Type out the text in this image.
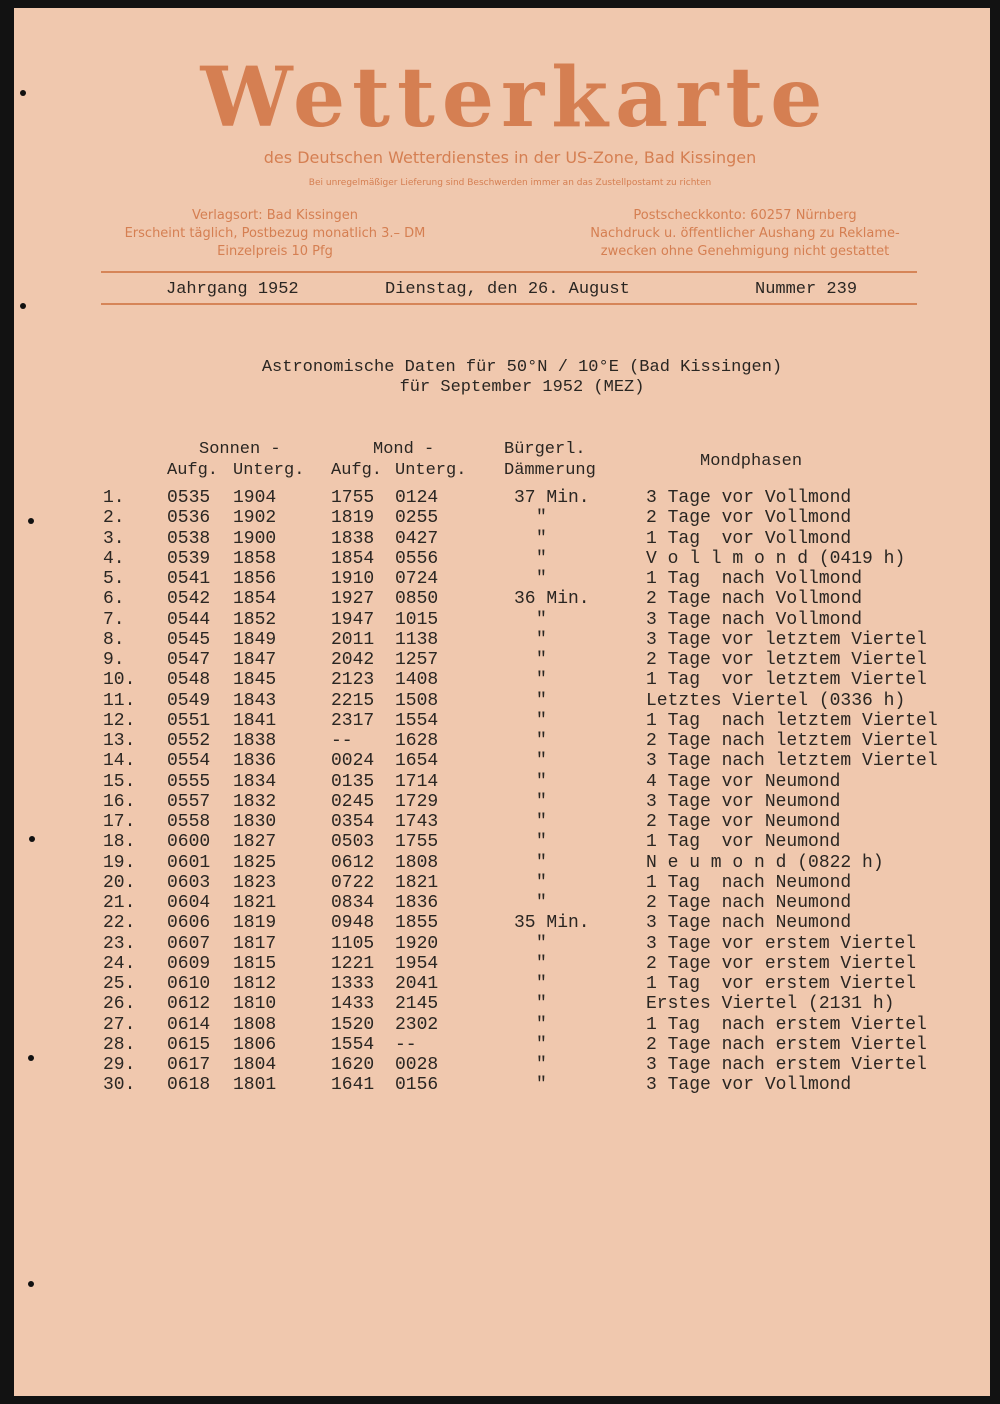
Wetterkarte
des Deutschen Wetterdienstes in der US-Zone, Bad Kissingen
Bei unregelmäßiger Lieferung sind Beschwerden immer an das Zustellpostamt zu richten
Verlagsort: Bad Kissingen
Erscheint täglich, Postbezug monatlich 3.– DM
Einzelpreis 10 Pfg
Postscheckkonto: 60257 Nürnberg
Nachdruck u. öffentlicher Aushang zu Reklame-
zwecken ohne Genehmigung nicht gestattet
Jahrgang 1952	Dienstag, den 26. August	Nummer 239
Astronomische Daten für 50°N / 10°E (Bad Kissingen)
für September 1952 (MEZ)
Sonnen -	Mond -	Bürgerl.
Aufg. Unterg. Aufg. Unterg. Dämmerung	Mondphasen
1. 0535 1904	1755 0124	37 Min.	3 Tage vor Vollmond
2. 0536 1902	1819 0255	"	2 Tage vor Vollmond
3. 0538 1900	1838 0427	"	1 Tag  vor Vollmond
4. 0539 1858	1854 0556	"	V o l l m o n d (0419 h)
5. 0541 1856	1910 0724	"	1 Tag  nach Vollmond
6. 0542 1854	1927 0850	36 Min.	2 Tage nach Vollmond
7. 0544 1852	1947 1015	"	3 Tage nach Vollmond
8. 0545 1849	2011 1138	"	3 Tage vor letztem Viertel
9. 0547 1847	2042 1257	"	2 Tage vor letztem Viertel
10. 0548 1845	2123 1408	"	1 Tag  vor letztem Viertel
11. 0549 1843	2215 1508	"	Letztes Viertel (0336 h)
12. 0551 1841	2317 1554	"	1 Tag  nach letztem Viertel
13. 0552 1838	-- 1628	"	2 Tage nach letztem Viertel
14. 0554 1836	0024 1654	"	3 Tage nach letztem Viertel
15. 0555 1834	0135 1714	"	4 Tage vor Neumond
16. 0557 1832	0245 1729	"	3 Tage vor Neumond
17. 0558 1830	0354 1743	"	2 Tage vor Neumond
18. 0600 1827	0503 1755	"	1 Tag  vor Neumond
19. 0601 1825	0612 1808	"	N e u m o n d (0822 h)
20. 0603 1823	0722 1821	"	1 Tag  nach Neumond
21. 0604 1821	0834 1836	"	2 Tage nach Neumond
22. 0606 1819	0948 1855	35 Min.	3 Tage nach Neumond
23. 0607 1817	1105 1920	"	3 Tage vor erstem Viertel
24. 0609 1815	1221 1954	"	2 Tage vor erstem Viertel
25. 0610 1812	1333 2041	"	1 Tag  vor erstem Viertel
26. 0612 1810	1433 2145	"	Erstes Viertel (2131 h)
27. 0614 1808	1520 2302	"	1 Tag  nach erstem Viertel
28. 0615 1806	1554 --	"	2 Tage nach erstem Viertel
29. 0617 1804	1620 0028	"	3 Tage nach erstem Viertel
30. 0618 1801	1641 0156	"	3 Tage vor Vollmond
